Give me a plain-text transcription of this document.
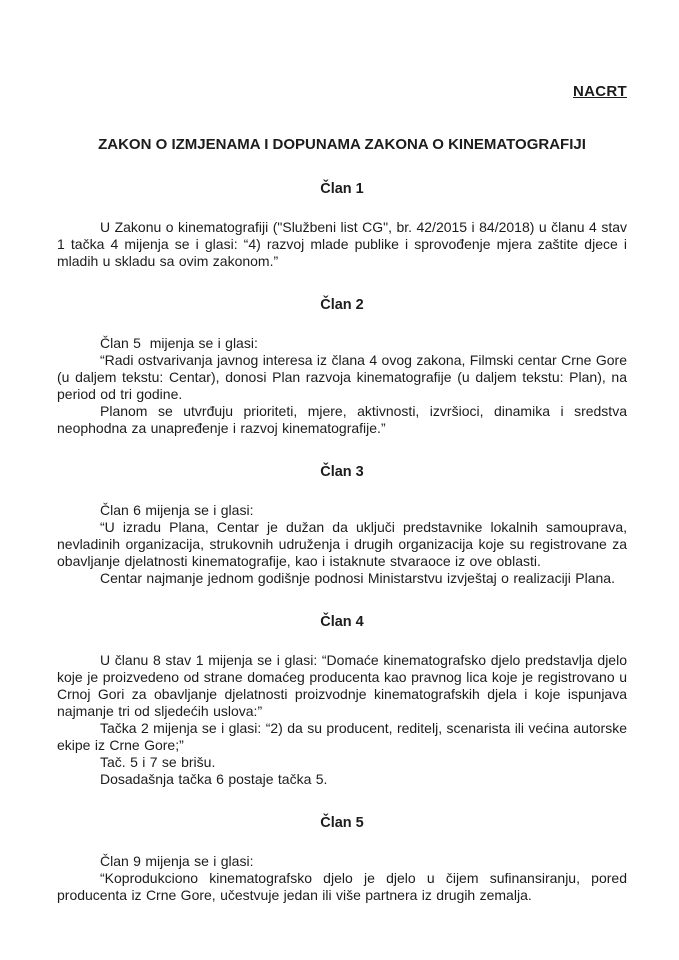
NACRT
ZAKON O IZMJENAMA I DOPUNAMA ZAKONA O KINEMATOGRAFIJI
Član 1

U Zakonu o kinematografiji ("Službeni list CG", br. 42/2015 i 84/2018) u članu 4 stav 1 tačka 4 mijenja se i glasi: “4) razvoj mlade publike i sprovođenje mjera zaštite djece i mladih u skladu sa ovim zakonom.”

Član 2

Član 5  mijenja se i glasi:

“Radi ostvarivanja javnog interesa iz člana 4 ovog zakona, Filmski centar Crne Gore (u daljem tekstu: Centar), donosi Plan razvoja kinematografije (u daljem tekstu: Plan), na period od tri godine.

Planom se utvrđuju prioriteti, mjere, aktivnosti, izvršioci, dinamika i sredstva neophodna za unapređenje i razvoj kinematografije.”

Član 3

Član 6 mijenja se i glasi:

“U izradu Plana, Centar je dužan da uključi predstavnike lokalnih samouprava, nevladinih organizacija, strukovnih udruženja i drugih organizacija koje su registrovane za obavljanje djelatnosti kinematografije, kao i istaknute stvaraoce iz ove oblasti.

Centar najmanje jednom godišnje podnosi Ministarstvu izvještaj o realizaciji Plana.

Član 4

U članu 8 stav 1 mijenja se i glasi: “Domaće kinematografsko djelo predstavlja djelo koje je proizvedeno od strane domaćeg producenta kao pravnog lica koje je registrovano u Crnoj Gori za obavljanje djelatnosti proizvodnje kinematografskih djela i koje ispunjava najmanje tri od sljedećih uslova:”

Tačka 2 mijenja se i glasi: “2) da su producent, reditelj, scenarista ili većina autorske ekipe iz Crne Gore;”

Tač. 5 i 7 se brišu.

Dosadašnja tačka 6 postaje tačka 5.

Član 5

Član 9 mijenja se i glasi:

“Koprodukciono kinematografsko djelo je djelo u čijem sufinansiranju, pored producenta iz Crne Gore, učestvuje jedan ili više partnera iz drugih zemalja.
